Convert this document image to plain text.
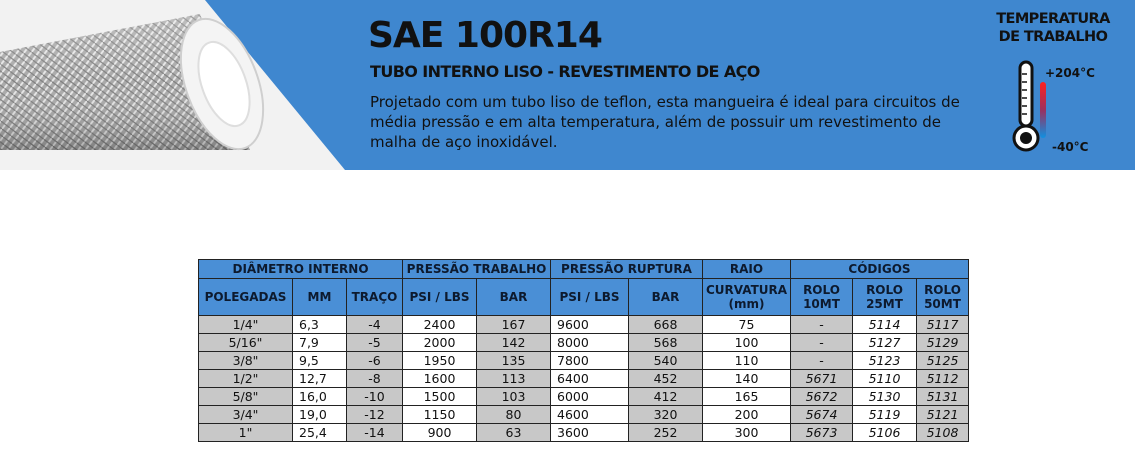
SAE 100R14
TUBO INTERNO LISO - REVESTIMENTO DE AÇO

Projetado com um tubo liso de teflon, esta mangueira é ideal para circuitos de média pressão e em alta temperatura, além de possuir um revestimento de malha de aço inoxidável.

TEMPERATURA
DE TRABALHO
+204°C
-40°C
DIÂMETRO INTERNO			PRESSÃO TRABALHO		PRESSÃO RUPTURA		RAIO	CÓDIGOS		
POLEGADAS	MM	TRAÇO	PSI / LBS	BAR	PSI / LBS	BAR	CURVATURA (mm)	ROLO 10MT	ROLO 25MT	ROLO 50MT
1/4"	6,3	-4	2400	167	9600	668	75	-	5114	5117
5/16"	7,9	-5	2000	142	8000	568	100	-	5127	5129
3/8"	9,5	-6	1950	135	7800	540	110	-	5123	5125
1/2"	12,7	-8	1600	113	6400	452	140	5671	5110	5112
5/8"	16,0	-10	1500	103	6000	412	165	5672	5130	5131
3/4"	19,0	-12	1150	80	4600	320	200	5674	5119	5121
1"	25,4	-14	900	63	3600	252	300	5673	5106	5108
